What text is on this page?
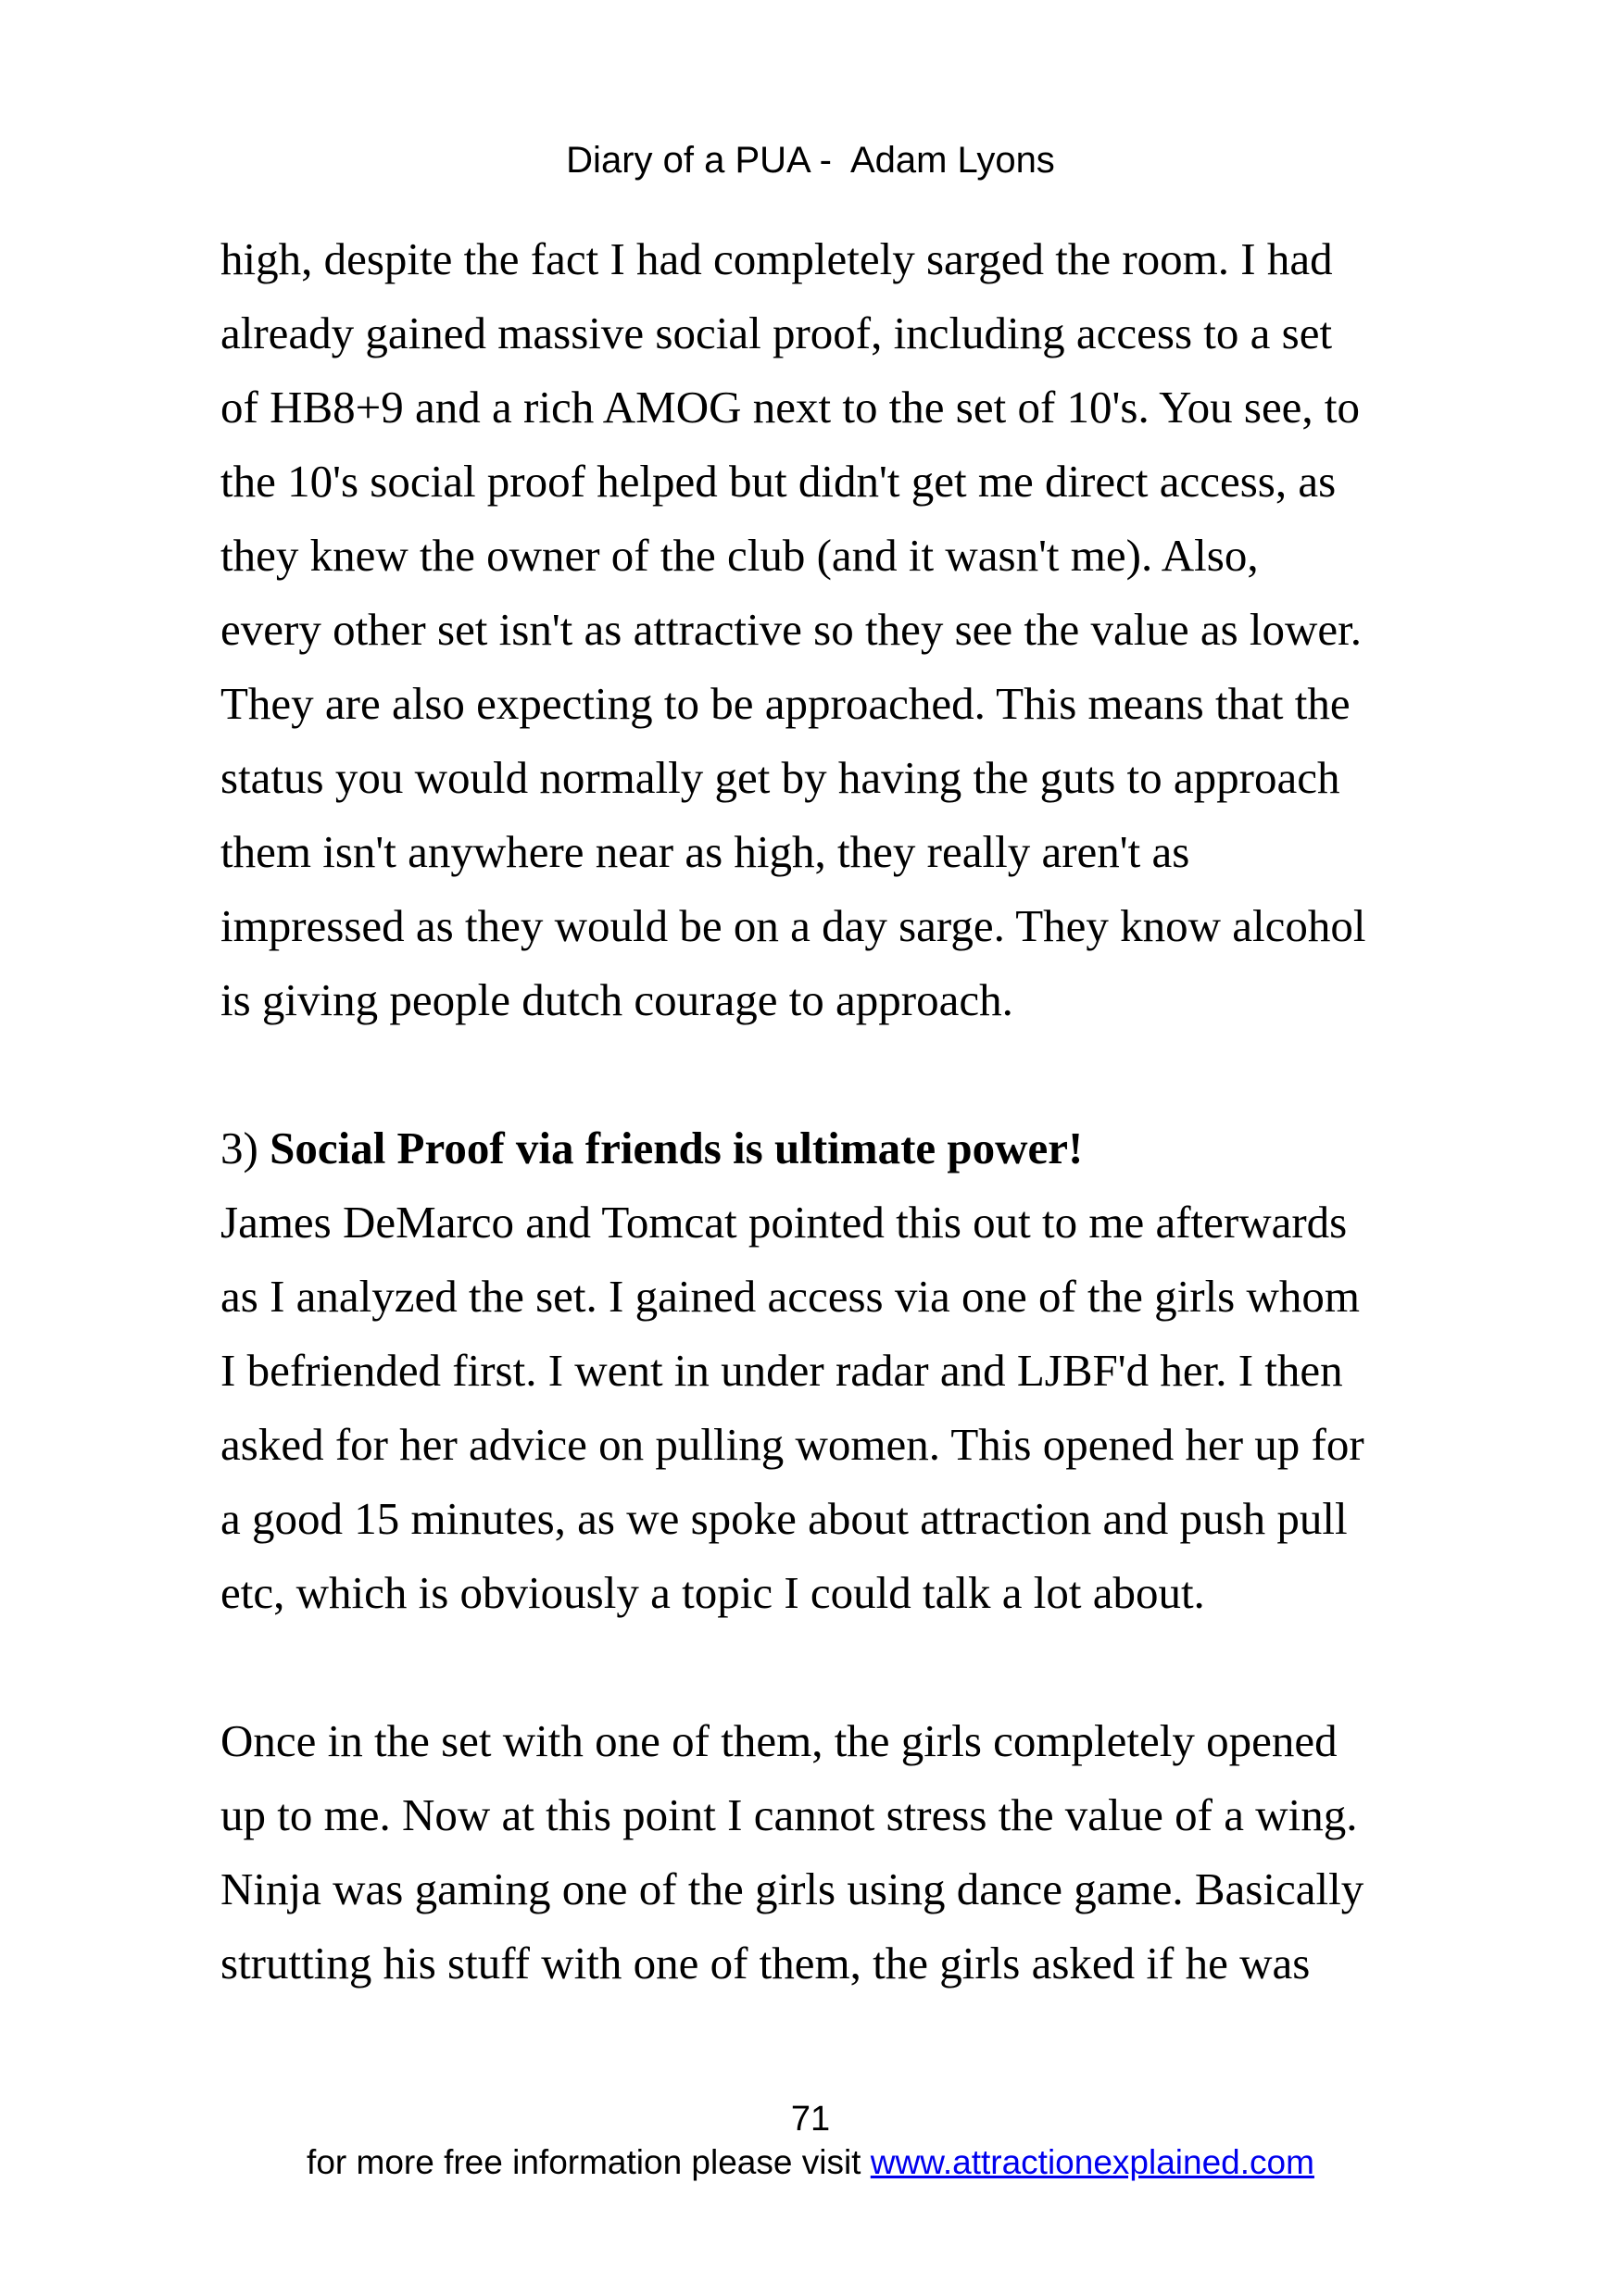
Diary of a PUA -  Adam Lyons
high, despite the fact I had completely sarged the room. I had
already gained massive social proof, including access to a set
of HB8+9 and a rich AMOG next to the set of 10's. You see, to
the 10's social proof helped but didn't get me direct access, as
they knew the owner of the club (and it wasn't me). Also,
every other set isn't as attractive so they see the value as lower.
They are also expecting to be approached. This means that the
status you would normally get by having the guts to approach
them isn't anywhere near as high, they really aren't as
impressed as they would be on a day sarge. They know alcohol
is giving people dutch courage to approach.
3) Social Proof via friends is ultimate power!
James DeMarco and Tomcat pointed this out to me afterwards
as I analyzed the set. I gained access via one of the girls whom
I befriended first. I went in under radar and LJBF'd her. I then
asked for her advice on pulling women. This opened her up for
a good 15 minutes, as we spoke about attraction and push pull
etc, which is obviously a topic I could talk a lot about.
Once in the set with one of them, the girls completely opened
up to me. Now at this point I cannot stress the value of a wing.
Ninja was gaming one of the girls using dance game. Basically
strutting his stuff with one of them, the girls asked if he was
71
for more free information please visit www.attractionexplained.com
